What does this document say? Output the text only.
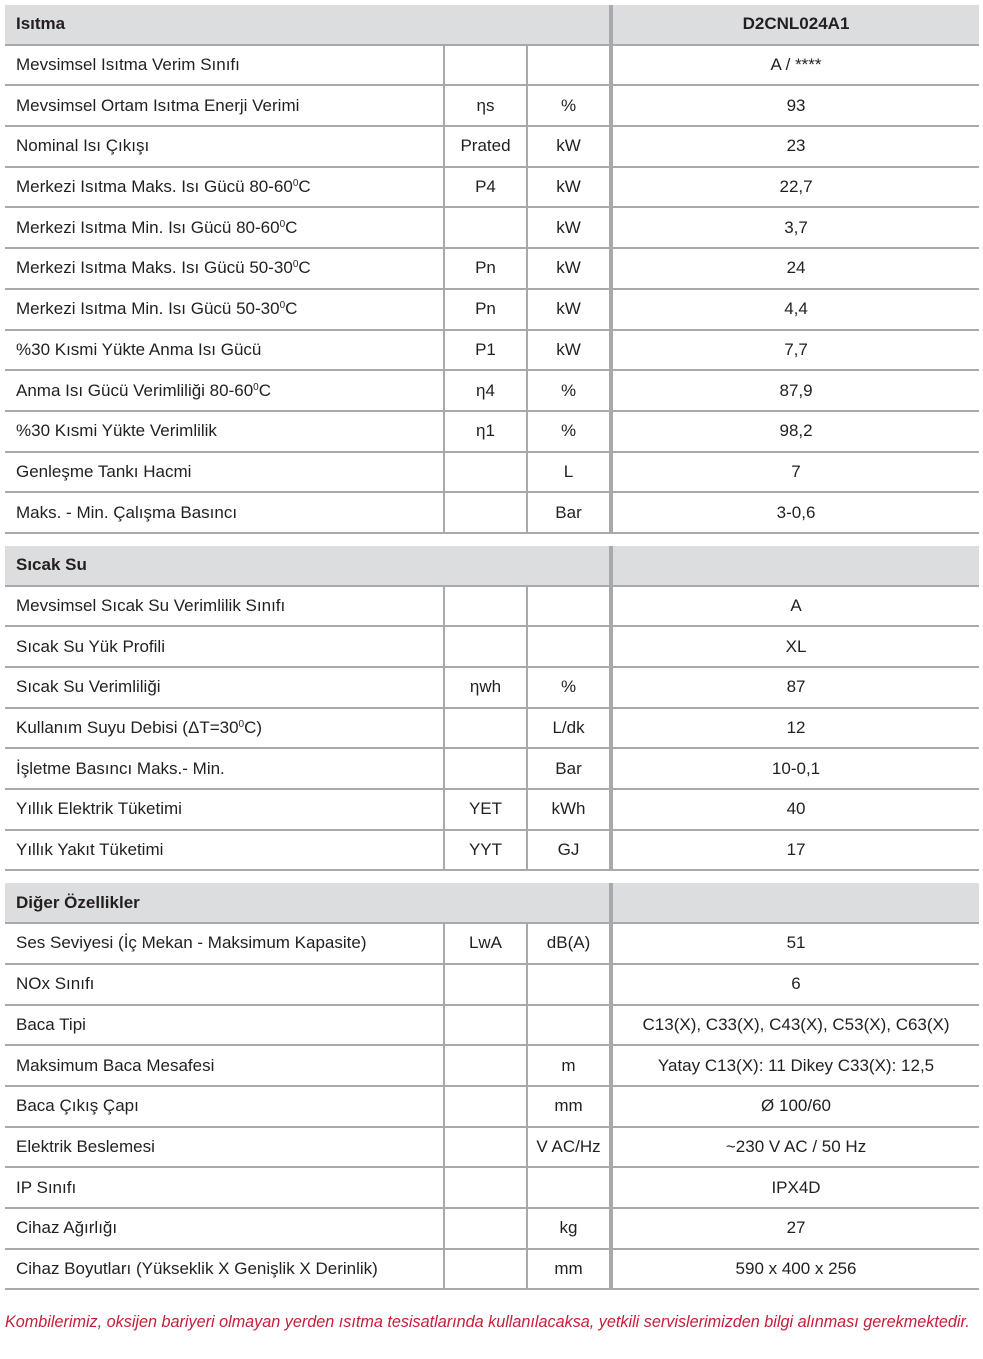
Isıtma			D2CNL024A1
Mevsimsel Isıtma Verim Sınıfı			A / ****
Mevsimsel Ortam Isıtma Enerji Verimi	ηs	%	93
Nominal Isı Çıkışı	Prated	kW	23
Merkezi Isıtma Maks. Isı Gücü $80-60^0C$	P4	kW	22,7
Merkezi Isıtma Min. Isı Gücü $80-60^0C$		kW	3,7
Merkezi Isıtma Maks. Isı Gücü $50-30^0C$	Pn	kW	24
Merkezi Isıtma Min. Isı Gücü $50-30^0C$	Pn	kW	4,4
%30 Kısmi Yükte Anma Isı Gücü	P1	kW	7,7
Anma Isı Gücü Verimliliği $80-60^0C$	η4	%	87,9
%30 Kısmi Yükte Verimlilik	η1	%	98,2
Genleşme Tankı Hacmi		L	7
Maks. - Min. Çalışma Basıncı		Bar	3-0,6

Sıcak Su			
Mevsimsel Sıcak Su Verimlilik Sınıfı			A
Sıcak Su Yük Profili			XL
Sıcak Su Verimliliği	ηwh	%	87
Kullanım Suyu Debisi $(\Delta T=30^0C)$		L/dk	12
İşletme Basıncı Maks.- Min.		Bar	10-0,1
Yıllık Elektrik Tüketimi	YET	kWh	40
Yıllık Yakıt Tüketimi	YYT	GJ	17

Diğer Özellikler			
Ses Seviyesi (İç Mekan - Maksimum Kapasite)	LwA	dB(A)	51
NOx Sınıfı			6
Baca Tipi			C13(X), C33(X), C43(X), C53(X), C63(X)
Maksimum Baca Mesafesi		m	Yatay C13(X): 11 Dikey C33(X): 12,5
Baca Çıkış Çapı		mm	Ø 100/60
Elektrik Beslemesi		V AC/Hz	~230 V AC / 50 Hz
IP Sınıfı			IPX4D
Cihaz Ağırlığı		kg	27
Cihaz Boyutları (Yükseklik X Genişlik X Derinlik)		mm	590 x 400 x 256
Kombilerimiz, oksijen bariyeri olmayan yerden ısıtma tesisatlarında kullanılacaksa, yetkili servislerimizden bilgi alınması gerekmektedir.
